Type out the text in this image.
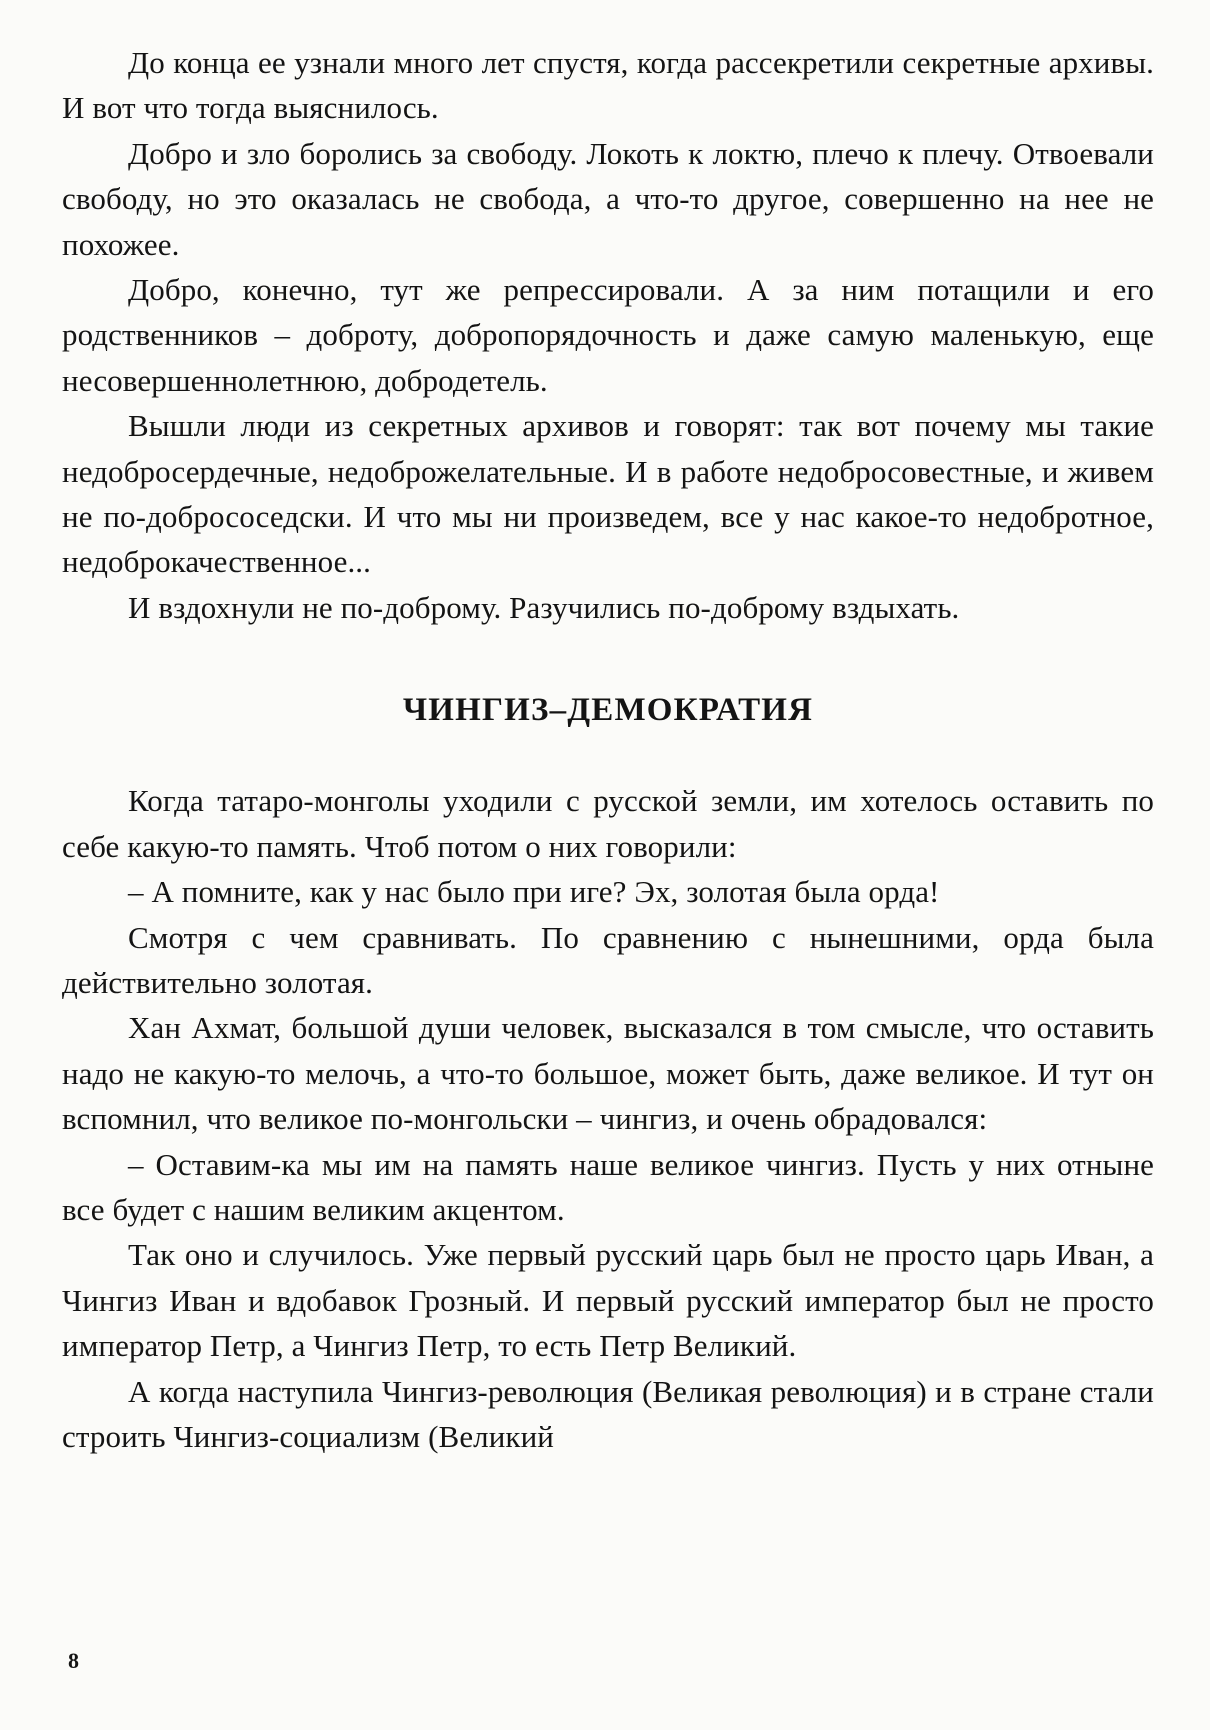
До конца ее узнали много лет спустя, когда рассекретили секретные архивы. И вот что тогда выяснилось.

Добро и зло боролись за свободу. Локоть к локтю, плечо к плечу. Отвоевали свободу, но это оказалась не свобода, а что-то другое, совершенно на нее не похожее.

Добро, конечно, тут же репрессировали. А за ним потащили и его родственников – доброту, добропорядочность и даже самую маленькую, еще несовершеннолетнюю, добродетель.

Вышли люди из секретных архивов и говорят: так вот почему мы такие недобросердечные, недоброжелательные. И в работе недобросовестные, и живем не по-добрососедски. И что мы ни произведем, все у нас какое-то недобротное, недоброкачественное...

И вздохнули не по-доброму. Разучились по-доброму вздыхать.

ЧИНГИЗ–ДЕМОКРАТИЯ

Когда татаро-монголы уходили с русской земли, им хотелось оставить по себе какую-то память. Чтоб потом о них говорили:

– А помните, как у нас было при иге? Эх, золотая была орда!

Смотря с чем сравнивать. По сравнению с нынешними, орда была действительно золотая.

Хан Ахмат, большой души человек, высказался в том смысле, что оставить надо не какую-то мелочь, а что-то большое, может быть, даже великое. И тут он вспомнил, что великое по-монгольски – чингиз, и очень обрадовался:

– Оставим-ка мы им на память наше великое чингиз. Пусть у них отныне все будет с нашим великим акцентом.

Так оно и случилось. Уже первый русский царь был не просто царь Иван, а Чингиз Иван и вдобавок Грозный. И первый русский император был не просто император Петр, а Чингиз Петр, то есть Петр Великий.

А когда наступила Чингиз-революция (Великая революция) и в стране стали строить Чингиз-социализм (Великий

8
